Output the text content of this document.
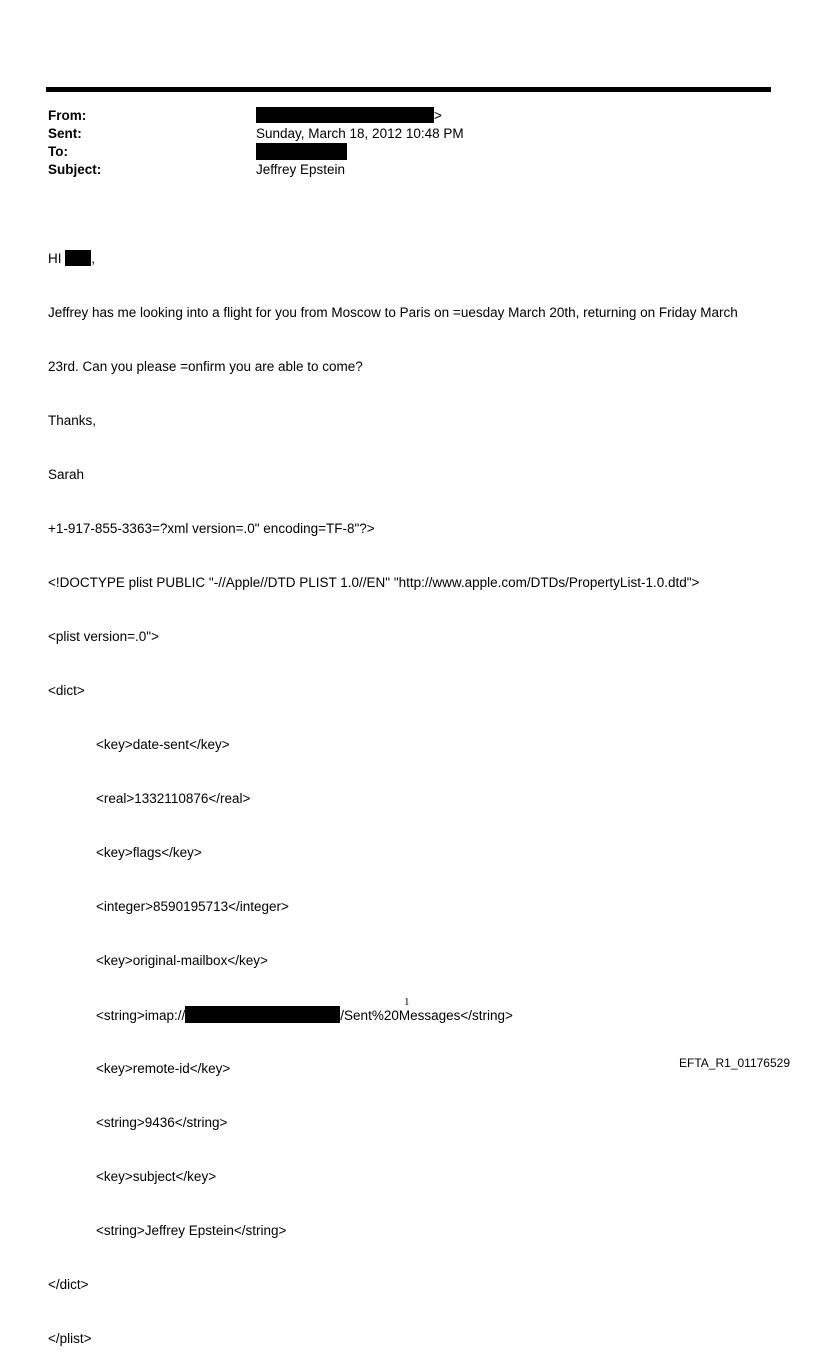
From:	>
Sent:	Sunday, March 18, 2012 10:48 PM
To:
Subject:	Jeffrey Epstein

HI ,

Jeffrey has me looking into a flight for you from Moscow to Paris on =uesday March 20th, returning on Friday March

23rd. Can you please =onfirm you are able to come?

Thanks,

Sarah

+1-917-855-3363=?xml version=.0" encoding=TF-8"?>

<!DOCTYPE plist PUBLIC "-//Apple//DTD PLIST 1.0//EN" "http://www.apple.com/DTDs/PropertyList-1.0.dtd">

<plist version=.0">

<dict>

<key>date-sent</key>

<real>1332110876</real>

<key>flags</key>

<integer>8590195713</integer>

<key>original-mailbox</key>

<string>imap://	/Sent%20Messages</string>

<key>remote-id</key>

<string>9436</string>

<key>subject</key>

<string>Jeffrey Epstein</string>

</dict>

</plist>

1
EFTA_R1_01176529
